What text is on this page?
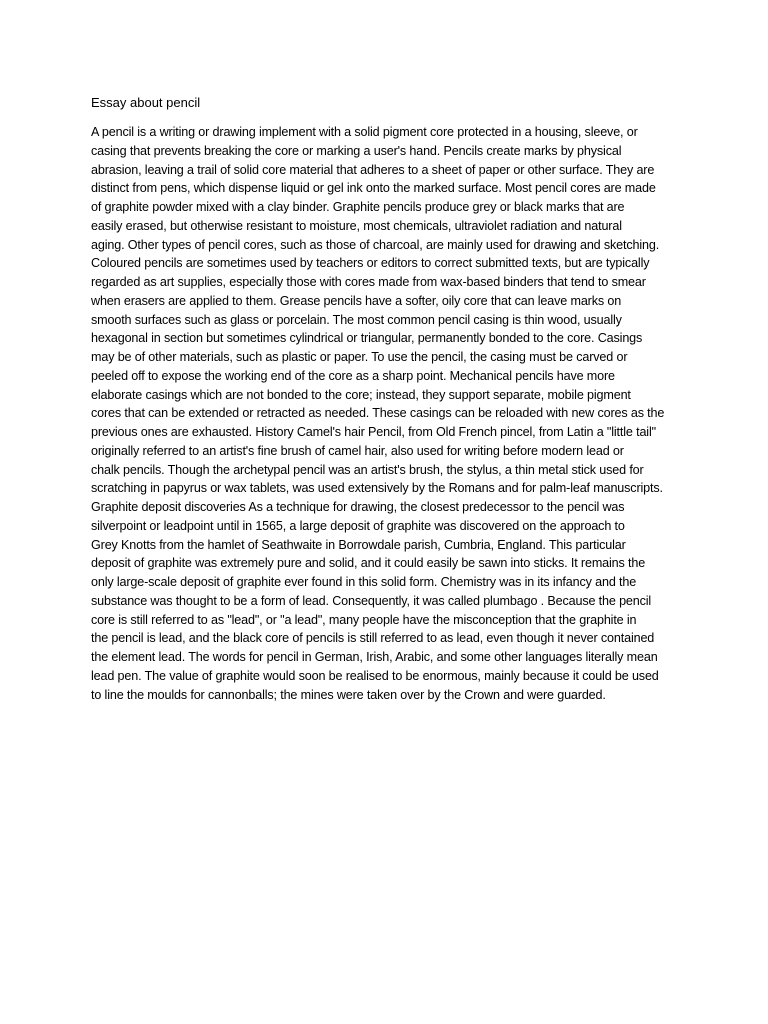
Essay about pencil
A pencil is a writing or drawing implement with a solid pigment core protected in a housing, sleeve, or
casing that prevents breaking the core or marking a user's hand. Pencils create marks by physical
abrasion, leaving a trail of solid core material that adheres to a sheet of paper or other surface. They are
distinct from pens, which dispense liquid or gel ink onto the marked surface. Most pencil cores are made
of graphite powder mixed with a clay binder. Graphite pencils produce grey or black marks that are
easily erased, but otherwise resistant to moisture, most chemicals, ultraviolet radiation and natural
aging. Other types of pencil cores, such as those of charcoal, are mainly used for drawing and sketching.
Coloured pencils are sometimes used by teachers or editors to correct submitted texts, but are typically
regarded as art supplies, especially those with cores made from wax-based binders that tend to smear
when erasers are applied to them. Grease pencils have a softer, oily core that can leave marks on
smooth surfaces such as glass or porcelain. The most common pencil casing is thin wood, usually
hexagonal in section but sometimes cylindrical or triangular, permanently bonded to the core. Casings
may be of other materials, such as plastic or paper. To use the pencil, the casing must be carved or
peeled off to expose the working end of the core as a sharp point. Mechanical pencils have more
elaborate casings which are not bonded to the core; instead, they support separate, mobile pigment
cores that can be extended or retracted as needed. These casings can be reloaded with new cores as the
previous ones are exhausted. History Camel's hair Pencil, from Old French pincel, from Latin a "little tail"
originally referred to an artist's fine brush of camel hair, also used for writing before modern lead or
chalk pencils. Though the archetypal pencil was an artist's brush, the stylus, a thin metal stick used for
scratching in papyrus or wax tablets, was used extensively by the Romans and for palm-leaf manuscripts.
Graphite deposit discoveries As a technique for drawing, the closest predecessor to the pencil was
silverpoint or leadpoint until in 1565, a large deposit of graphite was discovered on the approach to
Grey Knotts from the hamlet of Seathwaite in Borrowdale parish, Cumbria, England. This particular
deposit of graphite was extremely pure and solid, and it could easily be sawn into sticks. It remains the
only large-scale deposit of graphite ever found in this solid form. Chemistry was in its infancy and the
substance was thought to be a form of lead. Consequently, it was called plumbago . Because the pencil
core is still referred to as "lead", or "a lead", many people have the misconception that the graphite in
the pencil is lead, and the black core of pencils is still referred to as lead, even though it never contained
the element lead. The words for pencil in German, Irish, Arabic, and some other languages literally mean
lead pen. The value of graphite would soon be realised to be enormous, mainly because it could be used
to line the moulds for cannonballs; the mines were taken over by the Crown and were guarded.
